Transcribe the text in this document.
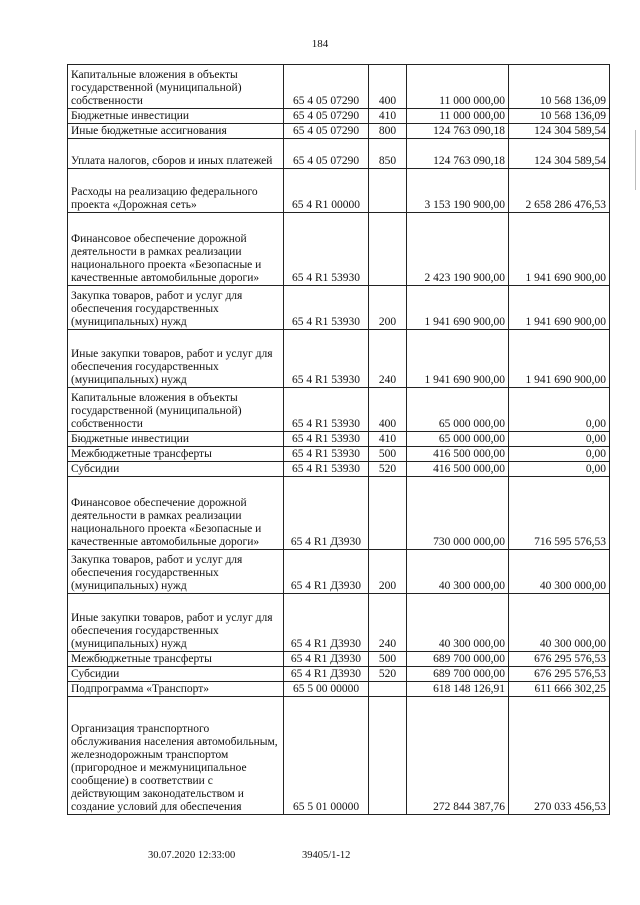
184
Капитальные вложения в объекты государственной (муниципальной) собственности	65 4 05 07290	400	11 000 000,00	10 568 136,09
Бюджетные инвестиции	65 4 05 07290	410	11 000 000,00	10 568 136,09
Иные бюджетные ассигнования	65 4 05 07290	800	124 763 090,18	124 304 589,54
Уплата налогов, сборов и иных платежей	65 4 05 07290	850	124 763 090,18	124 304 589,54
Расходы на реализацию федерального проекта «Дорожная сеть»	65 4 R1 00000		3 153 190 900,00	2 658 286 476,53
Финансовое обеспечение дорожной деятельности в рамках реализации национального проекта «Безопасные и качественные автомобильные дороги»	65 4 R1 53930		2 423 190 900,00	1 941 690 900,00
Закупка товаров, работ и услуг для обеспечения государственных (муниципальных) нужд	65 4 R1 53930	200	1 941 690 900,00	1 941 690 900,00
Иные закупки товаров, работ и услуг для обеспечения государственных (муниципальных) нужд	65 4 R1 53930	240	1 941 690 900,00	1 941 690 900,00
Капитальные вложения в объекты государственной (муниципальной) собственности	65 4 R1 53930	400	65 000 000,00	0,00
Бюджетные инвестиции	65 4 R1 53930	410	65 000 000,00	0,00
Межбюджетные трансферты	65 4 R1 53930	500	416 500 000,00	0,00
Субсидии	65 4 R1 53930	520	416 500 000,00	0,00
Финансовое обеспечение дорожной деятельности в рамках реализации национального проекта «Безопасные и качественные автомобильные дороги»	65 4 R1 Д3930		730 000 000,00	716 595 576,53
Закупка товаров, работ и услуг для обеспечения государственных (муниципальных) нужд	65 4 R1 Д3930	200	40 300 000,00	40 300 000,00
Иные закупки товаров, работ и услуг для обеспечения государственных (муниципальных) нужд	65 4 R1 Д3930	240	40 300 000,00	40 300 000,00
Межбюджетные трансферты	65 4 R1 Д3930	500	689 700 000,00	676 295 576,53
Субсидии	65 4 R1 Д3930	520	689 700 000,00	676 295 576,53
Подпрограмма «Транспорт»	65 5 00 00000		618 148 126,91	611 666 302,25
Организация транспортного обслуживания населения автомобильным, железнодорожным транспортом (пригородное и межмуниципальное сообщение) в соответствии с действующим законодательством и создание условий для обеспечения	65 5 01 00000		272 844 387,76	270 033 456,53
30.07.2020 12:33:00	39405/1-12
